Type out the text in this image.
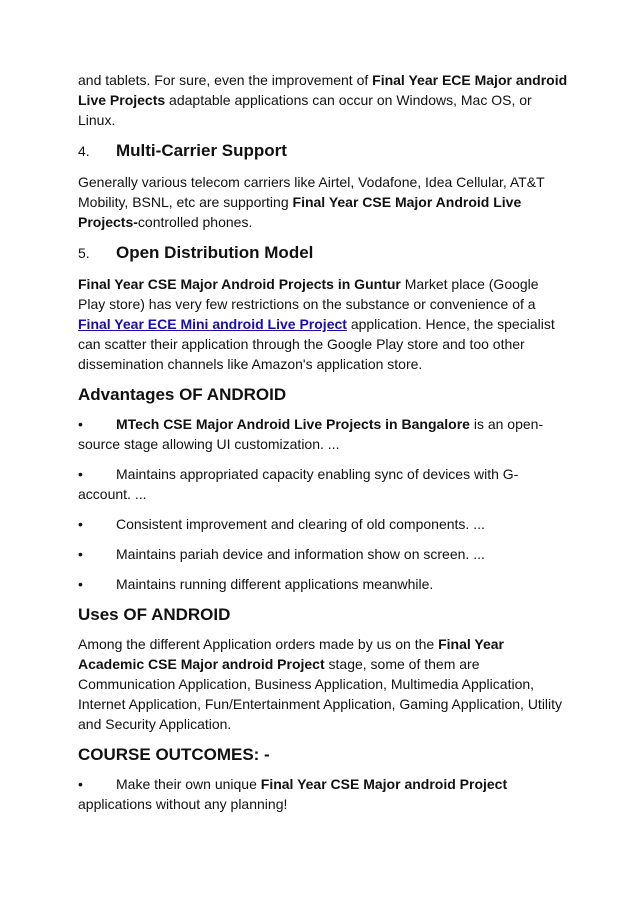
and tablets. For sure, even the improvement of Final Year ECE Major android Live Projects adaptable applications can occur on Windows, Mac OS, or Linux.

4.	Multi-Carrier Support

Generally various telecom carriers like Airtel, Vodafone, Idea Cellular, AT&T Mobility, BSNL, etc are supporting Final Year CSE Major Android Live Projects-controlled phones.

5.	Open Distribution Model

Final Year CSE Major Android Projects in Guntur Market place (Google Play store) has very few restrictions on the substance or convenience of a Final Year ECE Mini android Live Project application. Hence, the specialist can scatter their application through the Google Play store and too other dissemination channels like Amazon's application store.

Advantages OF ANDROID
• MTech CSE Major Android Live Projects in Bangalore is an open-source stage allowing UI customization. ...
• Maintains appropriated capacity enabling sync of devices with G-account. ...
• Consistent improvement and clearing of old components. ...
• Maintains pariah device and information show on screen. ...
• Maintains running different applications meanwhile.
Uses OF ANDROID

Among the different Application orders made by us on the Final Year Academic CSE Major android Project stage, some of them are Communication Application, Business Application, Multimedia Application, Internet Application, Fun/Entertainment Application, Gaming Application, Utility and Security Application.

COURSE OUTCOMES: -
• Make their own unique Final Year CSE Major android Project applications without any planning!
